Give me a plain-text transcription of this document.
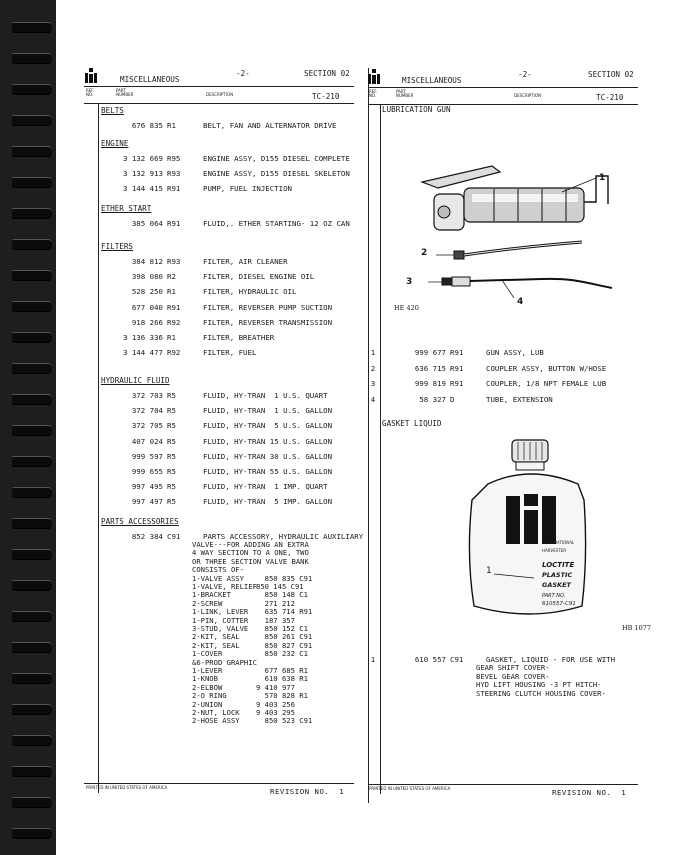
MISCELLANEOUS
-2-	SECTION 02
REF.
NO.
PART
NUMBER	DESCRIPTION	TC-210
BELTS
676 835 R1	BELT, FAN AND ALTERNATOR DRIVE
ENGINE
3 132 669 R95	ENGINE ASSY, D155 DIESEL COMPLETE
3 132 913 R93	ENGINE ASSY, D155 DIESEL SKELETON
3 144 415 R91	PUMP, FUEL INJECTION
ETHER START
385 064 R91	FLUID,. ETHER STARTING- 12 OZ CAN
FILTERS
384 812 R93	FILTER, AIR CLEANER
398 080 R2	FILTER, DIESEL ENGINE OIL
528 250 R1	FILTER, HYDRAULIC OIL
677 040 R91	FILTER, REVERSER PUMP SUCTION
918 266 R92	FILTER, REVERSER TRANSMISSION
3 136 336 R1	FILTER, BREATHER
3 144 477 R92	FILTER, FUEL
HYDRAULIC FLUID
372 703 R5	FLUID, HY-TRAN  1 U.S. QUART
372 704 R5	FLUID, HY-TRAN  1 U.S. GALLON
372 705 R5	FLUID, HY-TRAN  5 U.S. GALLON
407 024 R5	FLUID, HY-TRAN 15 U.S. GALLON
999 597 R5	FLUID, HY-TRAN 30 U.S. GALLON
999 655 R5	FLUID, HY-TRAN 55 U.S. GALLON
997 495 R5	FLUID, HY-TRAN  1 IMP. QUART
997 497 R5	FLUID, HY-TRAN  5 IMP. GALLON
PARTS ACCESSORIES
852 384 C91	PARTS ACCESSORY, HYDRAULIC AUXILIARY
VALVE---FOR ADDING AN EXTRA
4 WAY SECTION TO A ONE, TWO
OR THREE SECTION VALVE BANK
CONSISTS OF-
1-VALVE ASSY 850 835 C91
1-VALVE, RELIEF 850 145 C91
1-BRACKET	850 148 C1
2-SCREW	271 212
1-LINK, LEVER 635 714 R91
1-PIN, COTTER 187 357
3-STUD, VALVE 850 152 C1
2-KIT, SEAL 850 261 C91
2-KIT, SEAL 850 827 C91
1-COVER	850 232 C1
&6-PROD GRAPHIC
1-LEVER	677 685 R1
1-KNOB	610 638 R1
2-ELBOW	9 410 977
2-O RING	570 828 R1
2-UNION	9 403 256
2-NUT, LOCK 9 403 295
2-HOSE ASSY 850 523 C91
PRINTED IN UNITED STATES OF AMERICA	REVISION NO.  1
MISCELLANEOUS
-2-	SECTION 02
REF.
NO.
PART
NUMBER	DESCRIPTION	TC-210
LUBRICATION GUN
1
2
3
4
HE 420
1	999 677 R91	GUN ASSY, LUB
2	636 715 R91	COUPLER ASSY, BUTTON W/HOSE
3	999 819 R91	COUPLER, 1/8 NPT FEMALE LUB
4	58 327 D	TUBE, EXTENSION
GASKET LIQUID
INTERNATIONAL
HARVESTER
LOCTITE
PLASTIC
GASKET
PART NO.
610557-C91
1
HB 1077
1	610 557 C91	GASKET, LIQUID - FOR USE WITH
GEAR SHIFT COVER-
BEVEL GEAR COVER-
HYD LIFT HOUSING -3 PT HITCH-
STEERING CLUTCH HOUSING COVER-
PRINTED IN UNITED STATES OF AMERICA	REVISION NO.  1
